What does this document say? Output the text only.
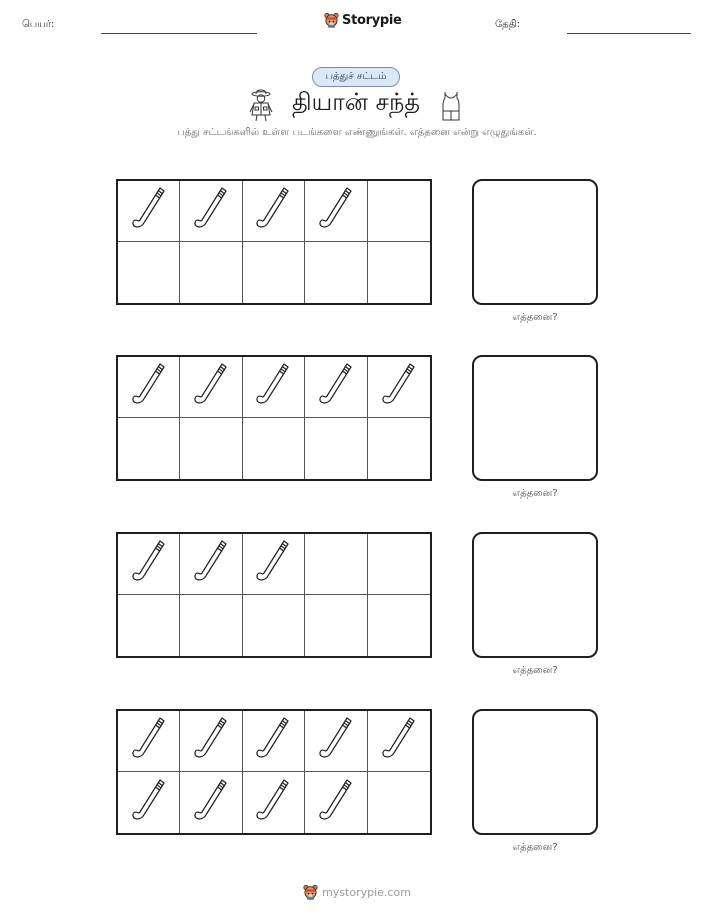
பெயர்:	Storypie	தேதி:
பத்துச் சட்டம்
தியான் சந்த்
பத்து சட்டங்களில் உள்ள படங்களை எண்ணுங்கள். எத்தனை என்று எழுதுங்கள்.
எத்தனை?
எத்தனை?
எத்தனை?
எத்தனை?
mystorypie.com
